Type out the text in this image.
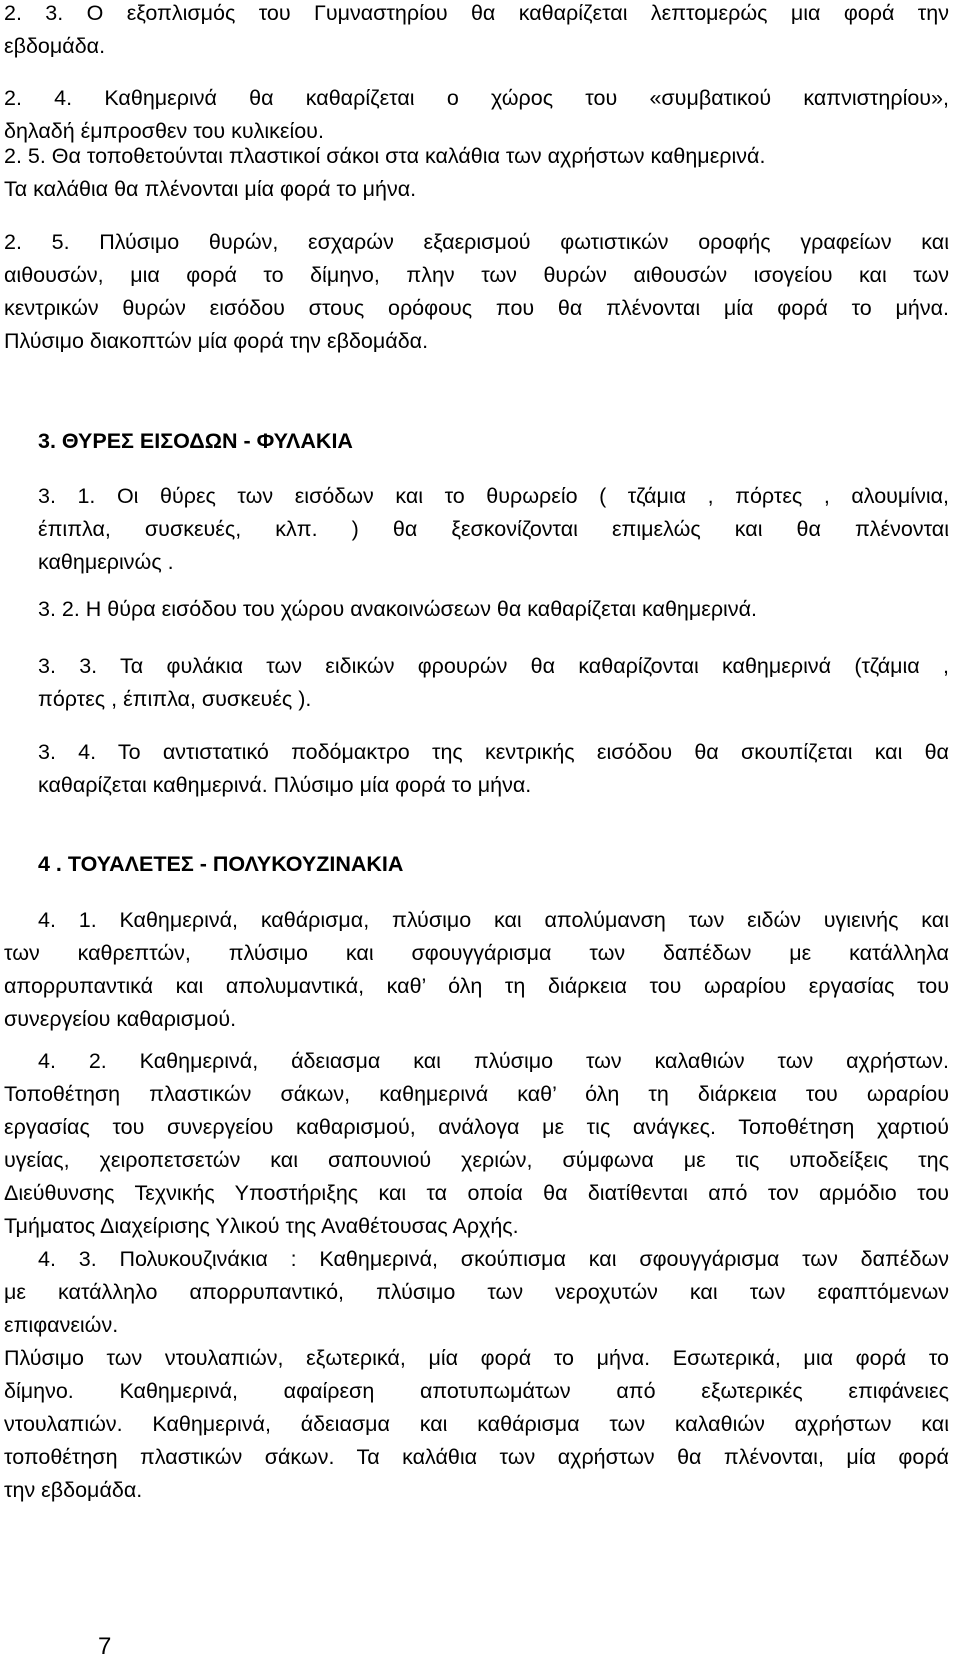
2. 3. Ο εξοπλισμός του Γυμναστηρίου θα καθαρίζεται λεπτομερώς μια φορά την
εβδομάδα.
2. 4. Καθημερινά θα καθαρίζεται ο χώρος του «συμβατικού καπνιστηρίου»,
δηλαδή έμπροσθεν του κυλικείου.
2. 5. Θα τοποθετούνται πλαστικοί σάκοι στα καλάθια των αχρήστων καθημερινά.
Τα καλάθια θα πλένονται μία φορά το μήνα.
2. 5. Πλύσιμο θυρών, εσχαρών εξαερισμού φωτιστικών οροφής γραφείων και
αιθουσών, μια φορά το δίμηνο, πλην των θυρών αιθουσών ισογείου και των
κεντρικών θυρών εισόδου στους ορόφους που θα πλένονται μία φορά το μήνα.
Πλύσιμο διακοπτών μία φορά την εβδομάδα.
3. ΘΥΡΕΣ ΕΙΣΟΔΩΝ - ΦΥΛΑΚΙΑ
3. 1. Οι θύρες των εισόδων και το θυρωρείο ( τζάμια , πόρτες , αλουμίνια,
έπιπλα, συσκευές, κλπ. ) θα ξεσκονίζονται επιμελώς και θα πλένονται
καθημερινώς .
3. 2. Η θύρα εισόδου του χώρου ανακοινώσεων θα καθαρίζεται καθημερινά.
3. 3. Τα φυλάκια των ειδικών φρουρών θα καθαρίζονται καθημερινά (τζάμια ,
πόρτες , έπιπλα, συσκευές ).
3. 4. Το αντιστατικό ποδόμακτρο της κεντρικής εισόδου θα σκουπίζεται και θα
καθαρίζεται καθημερινά. Πλύσιμο μία φορά το μήνα.
4 . ΤΟΥΑΛΕΤΕΣ - ΠΟΛΥΚΟΥΖΙΝΑΚΙΑ
4. 1. Καθημερινά, καθάρισμα, πλύσιμο και απολύμανση των ειδών υγιεινής και
των καθρεπτών, πλύσιμο και σφουγγάρισμα των δαπέδων με κατάλληλα
απορρυπαντικά και απολυμαντικά, καθ’ όλη τη διάρκεια του ωραρίου εργασίας του
συνεργείου καθαρισμού.
4. 2. Καθημερινά, άδειασμα και πλύσιμο των καλαθιών των αχρήστων.
Τοποθέτηση πλαστικών σάκων, καθημερινά καθ’ όλη τη διάρκεια του ωραρίου
εργασίας του συνεργείου καθαρισμού, ανάλογα με τις ανάγκες. Τοποθέτηση χαρτιού
υγείας, χειροπετσετών και σαπουνιού χεριών, σύμφωνα με τις υποδείξεις της
Διεύθυνσης Τεχνικής Υποστήριξης και τα οποία θα διατίθενται από τον αρμόδιο του
Τμήματος Διαχείρισης Υλικού της Αναθέτουσας Αρχής.
4. 3. Πολυκουζινάκια : Καθημερινά, σκούπισμα και σφουγγάρισμα των δαπέδων
με κατάλληλο απορρυπαντικό, πλύσιμο των νεροχυτών και των εφαπτόμενων
επιφανειών.
Πλύσιμο των ντουλαπιών, εξωτερικά, μία φορά το μήνα. Εσωτερικά, μια φορά το
δίμηνο. Καθημερινά, αφαίρεση αποτυπωμάτων από εξωτερικές επιφάνειες
ντουλαπιών. Καθημερινά, άδειασμα και καθάρισμα των καλαθιών αχρήστων και
τοποθέτηση πλαστικών σάκων. Τα καλάθια των αχρήστων θα πλένονται, μία φορά
την εβδομάδα.
7
